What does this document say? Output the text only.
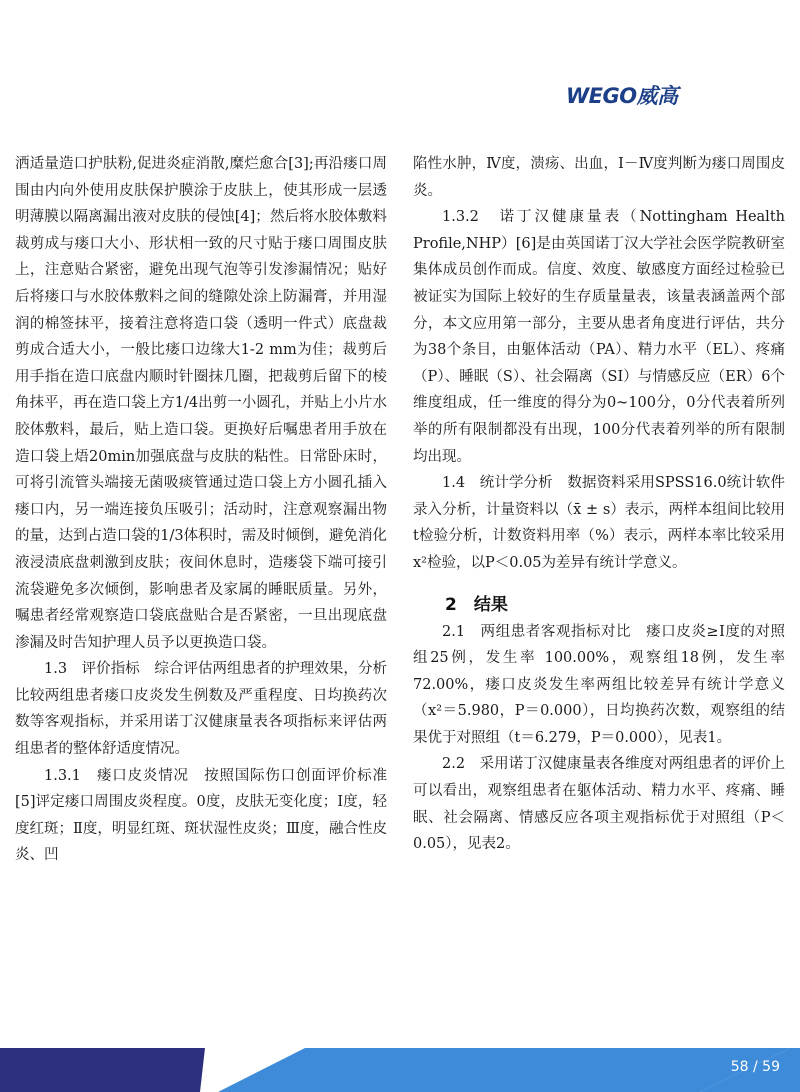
WEGO威高

洒适量造口护肤粉,促进炎症消散,糜烂愈合[3];再沿瘘口周围由内向外使用皮肤保护膜涂于皮肤上，使其形成一层透明薄膜以隔离漏出液对皮肤的侵蚀[4]；然后将水胶体敷料裁剪成与瘘口大小、形状相一致的尺寸贴于瘘口周围皮肤上，注意贴合紧密，避免出现气泡等引发渗漏情况；贴好后将瘘口与水胶体敷料之间的缝隙处涂上防漏膏，并用湿润的棉签抹平，接着注意将造口袋（透明一件式）底盘裁剪成合适大小，一般比瘘口边缘大1-2 mm为佳；裁剪后用手指在造口底盘内顺时针圈抹几圈，把裁剪后留下的棱角抹平，再在造口袋上方1/4出剪一小圆孔，并贴上小片水胶体敷料，最后，贴上造口袋。更换好后嘱患者用手放在造口袋上焐20min加强底盘与皮肤的粘性。日常卧床时，可将引流管头端接无菌吸痰管通过造口袋上方小圆孔插入瘘口内，另一端连接负压吸引；活动时，注意观察漏出物的量，达到占造口袋的1/3体积时，需及时倾倒，避免消化液浸渍底盘刺激到皮肤；夜间休息时，造瘘袋下端可接引流袋避免多次倾倒，影响患者及家属的睡眠质量。另外，嘱患者经常观察造口袋底盘贴合是否紧密，一旦出现底盘渗漏及时告知护理人员予以更换造口袋。

1.3　评价指标　综合评估两组患者的护理效果，分析比较两组患者瘘口皮炎发生例数及严重程度、日均换药次数等客观指标，并采用诺丁汉健康量表各项指标来评估两组患者的整体舒适度情况。

1.3.1　瘘口皮炎情况　按照国际伤口创面评价标准[5]评定瘘口周围皮炎程度。0度，皮肤无变化度；Ⅰ度，轻度红斑；Ⅱ度，明显红斑、斑状湿性皮炎；Ⅲ度，融合性皮炎、凹

陷性水肿，Ⅳ度，溃疡、出血，Ⅰ－Ⅳ度判断为瘘口周围皮炎。

1.3.2　诺丁汉健康量表（Nottingham Health Profile,NHP）[6]是由英国诺丁汉大学社会医学院教研室集体成员创作而成。信度、效度、敏感度方面经过检验已被证实为国际上较好的生存质量量表，该量表涵盖两个部分，本文应用第一部分，主要从患者角度进行评估，共分为38个条目，由躯体活动（PA）、精力水平（EL）、疼痛（P）、睡眠（S）、社会隔离（SI）与情感反应（ER）6个维度组成，任一维度的得分为0~100分，0分代表着所列举的所有限制都没有出现，100分代表着列举的所有限制均出现。

1.4　统计学分析　数据资料采用SPSS16.0统计软件录入分析，计量资料以（x̄ ± s）表示，两样本组间比较用t检验分析，计数资料用率（%）表示，两样本率比较采用x²检验，以P＜0.05为差异有统计学意义。

2　结果

2.1　两组患者客观指标对比　瘘口皮炎≥Ⅰ度的对照组25例，发生率 100.00%，观察组18例，发生率72.00%，瘘口皮炎发生率两组比较差异有统计学意义（x²＝5.980，P＝0.000），日均换药次数，观察组的结果优于对照组（t＝6.279，P＝0.000），见表1。

2.2　采用诺丁汉健康量表各维度对两组患者的评价上可以看出，观察组患者在躯体活动、精力水平、疼痛、睡眠、社会隔离、情感反应各项主观指标优于对照组（P＜0.05），见表2。

58 / 59
